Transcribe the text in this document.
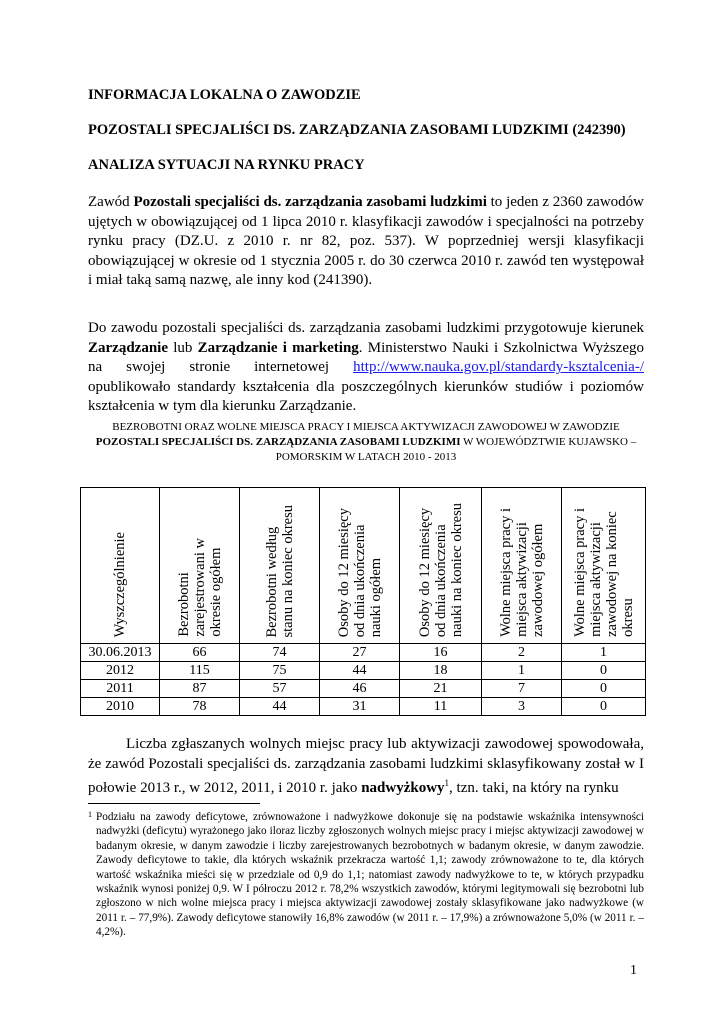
INFORMACJA LOKALNA O ZAWODZIE
POZOSTALI SPECJALIŚCI DS. ZARZĄDZANIA ZASOBAMI LUDZKIMI (242390)
ANALIZA SYTUACJI NA RYNKU PRACY
Zawód Pozostali specjaliści ds. zarządzania zasobami ludzkimi to jeden z 2360 zawodów ujętych w obowiązującej od 1 lipca 2010 r. klasyfikacji zawodów i specjalności na potrzeby rynku pracy (DZ.U. z 2010 r. nr 82, poz. 537). W poprzedniej wersji klasyfikacji obowiązującej w okresie od 1 stycznia 2005 r. do 30 czerwca 2010 r. zawód ten występował i miał taką samą nazwę, ale inny kod (241390).
Do zawodu pozostali specjaliści ds. zarządzania zasobami ludzkimi przygotowuje kierunek Zarządzanie lub Zarządzanie i marketing. Ministerstwo Nauki i Szkolnictwa Wyższego na swojej stronie internetowej http://www.nauka.gov.pl/standardy-ksztalcenia-/ opublikowało standardy kształcenia dla poszczególnych kierunków studiów i poziomów kształcenia w tym dla kierunku Zarządzanie.
BEZROBOTNI ORAZ WOLNE MIEJSCA PRACY I MIEJSCA AKTYWIZACJI ZAWODOWEJ W ZAWODZIE POZOSTALI SPECJALIŚCI DS. ZARZĄDZANIA ZASOBAMI LUDZKIMI W WOJEWÓDZTWIE KUJAWSKO – POMORSKIM W LATACH 2010 - 2013
Wyszczególnienie	Bezrobotni
zarejestrowani w
okresie ogółem	Bezrobotni według
stanu na koniec okresu	Osoby do 12 miesięcy
od dnia ukończenia
nauki ogółem	Osoby do 12 miesięcy
od dnia ukończenia
nauki na koniec okresu	Wolne miejsca pracy i
miejsca aktywizacji
zawodowej ogółem	Wolne miejsca pracy i
miejsca aktywizacji
zawodowej na koniec
okresu

30.06.2013	66	74	27	16	2	1
2012	115	75	44	18	1	0
2011	87	57	46	21	7	0
2010	78	44	31	11	3	0
Liczba zgłaszanych wolnych miejsc pracy lub aktywizacji zawodowej spowodowała, że zawód Pozostali specjaliści ds. zarządzania zasobami ludzkimi sklasyfikowany został w I połowie 2013 r., w 2012, 2011, i 2010 r. jako nadwyżkowy$^1$, tzn. taki, na który na rynku
1 Podziału na zawody deficytowe, zrównoważone i nadwyżkowe dokonuje się na podstawie wskaźnika intensywności nadwyżki (deficytu) wyrażonego jako iloraz liczby zgłoszonych wolnych miejsc pracy i miejsc aktywizacji zawodowej w badanym okresie, w danym zawodzie i liczby zarejestrowanych bezrobotnych w badanym okresie, w danym zawodzie. Zawody deficytowe to takie, dla których wskaźnik przekracza wartość 1,1; zawody zrównoważone to te, dla których wartość wskaźnika mieści się w przedziale od 0,9 do 1,1; natomiast zawody nadwyżkowe to te, w których przypadku wskaźnik wynosi poniżej 0,9. W I półroczu 2012 r. 78,2% wszystkich zawodów, którymi legitymowali się bezrobotni lub zgłoszono w nich wolne miejsca pracy i miejsca aktywizacji zawodowej zostały sklasyfikowane jako nadwyżkowe (w 2011 r. – 77,9%). Zawody deficytowe stanowiły 16,8% zawodów (w 2011 r. – 17,9%) a zrównoważone 5,0% (w 2011 r. – 4,2%).
1
